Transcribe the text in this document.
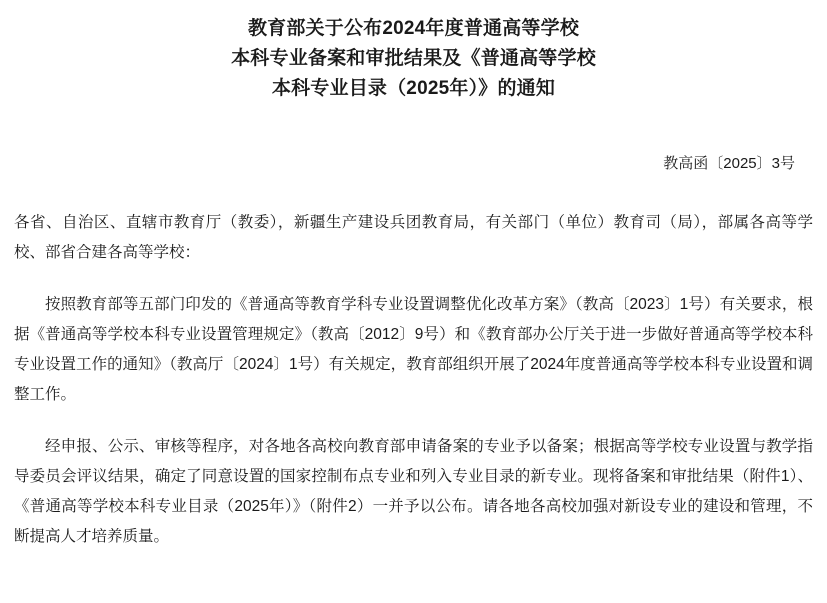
教育部关于公布2024年度普通高等学校
本科专业备案和审批结果及《普通高等学校
本科专业目录（2025年）》的通知
教高函〔2025〕3号

各省、自治区、直辖市教育厅（教委），新疆生产建设兵团教育局，有关部门（单位）教育司（局），部属各高等学校、部省合建各高等学校：

按照教育部等五部门印发的《普通高等教育学科专业设置调整优化改革方案》（教高〔2023〕1号）有关要求，根据《普通高等学校本科专业设置管理规定》（教高〔2012〕9号）和《教育部办公厅关于进一步做好普通高等学校本科专业设置工作的通知》（教高厅〔2024〕1号）有关规定，教育部组织开展了2024年度普通高等学校本科专业设置和调整工作。

经申报、公示、审核等程序，对各地各高校向教育部申请备案的专业予以备案；根据高等学校专业设置与教学指导委员会评议结果，确定了同意设置的国家控制布点专业和列入专业目录的新专业。现将备案和审批结果（附件1）、《普通高等学校本科专业目录（2025年）》（附件2）一并予以公布。请各地各高校加强对新设专业的建设和管理，不断提高人才培养质量。
